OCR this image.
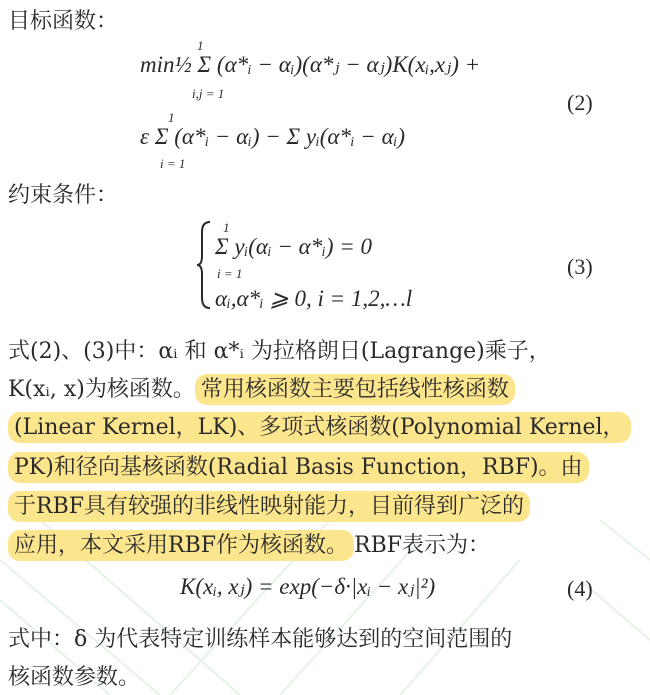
目标函数：
min½ Σ (α*ᵢ − αᵢ)(α*ⱼ − αⱼ)K(xᵢ,xⱼ) +
1
i,j = 1
ε Σ (α*ᵢ − αᵢ) − Σ yᵢ(α*ᵢ − αᵢ)
1
i = 1
(2)
约束条件：
Σ yᵢ(αᵢ − α*ᵢ) = 0
1
i = 1
αᵢ,α*ᵢ ⩾ 0, i = 1,2,…l
(3)
式(2)、(3)中：αᵢ 和 α*ᵢ 为拉格朗日(Lagrange)乘子，
K(xᵢ, x)为核函数。 常用核函数主要包括线性核函数
(Linear Kernel，LK)、多项式核函数(Polynomial Kernel，
PK)和径向基核函数(Radial Basis Function，RBF)。由
于RBF具有较强的非线性映射能力，目前得到广泛的
应用，本文采用RBF作为核函数。 RBF表示为：
K(xᵢ, xⱼ) = exp(−δ·|xᵢ − xⱼ|²)	(4)
式中：δ 为代表特定训练样本能够达到的空间范围的
核函数参数。
